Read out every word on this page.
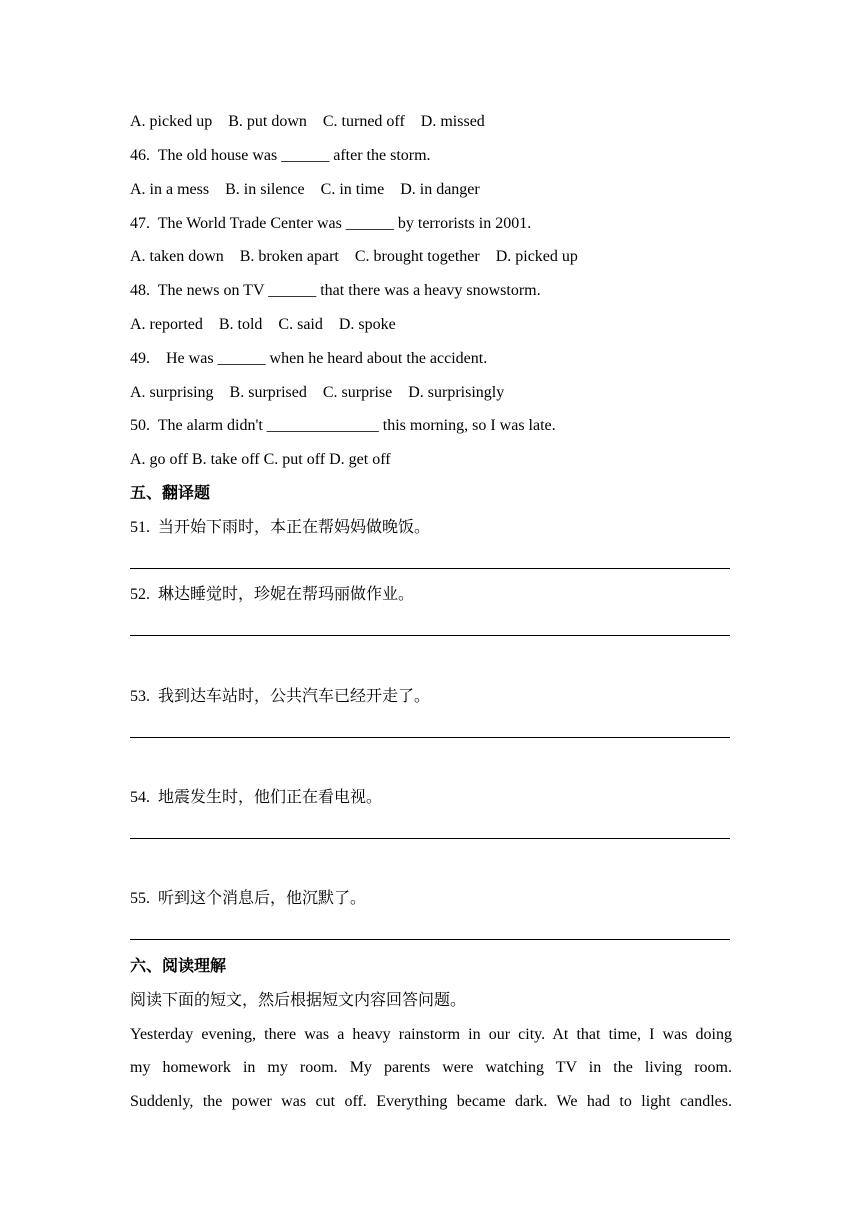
A. picked up    B. put down    C. turned off    D. missed
46.  The old house was ______ after the storm.
A. in a mess    B. in silence    C. in time    D. in danger
47.  The World Trade Center was ______ by terrorists in 2001.
A. taken down    B. broken apart    C. brought together    D. picked up
48.  The news on TV ______ that there was a heavy snowstorm.
A. reported    B. told    C. said    D. spoke
49.    He was ______ when he heard about the accident.
A. surprising    B. surprised    C. surprise    D. surprisingly
50.  The alarm didn't ______________ this morning, so I was late.
A. go off B. take off C. put off D. get off
五、翻译题
51.  当开始下雨时，本正在帮妈妈做晚饭。
52.  琳达睡觉时，珍妮在帮玛丽做作业。
53.  我到达车站时，公共汽车已经开走了。
54.  地震发生时，他们正在看电视。
55.  听到这个消息后，他沉默了。
六、阅读理解
阅读下面的短文，然后根据短文内容回答问题。
Yesterday evening, there was a heavy rainstorm in our city. At that time, I was doing
my homework in my room. My parents were watching TV in the living room.
Suddenly, the power was cut off. Everything became dark. We had to light candles.
